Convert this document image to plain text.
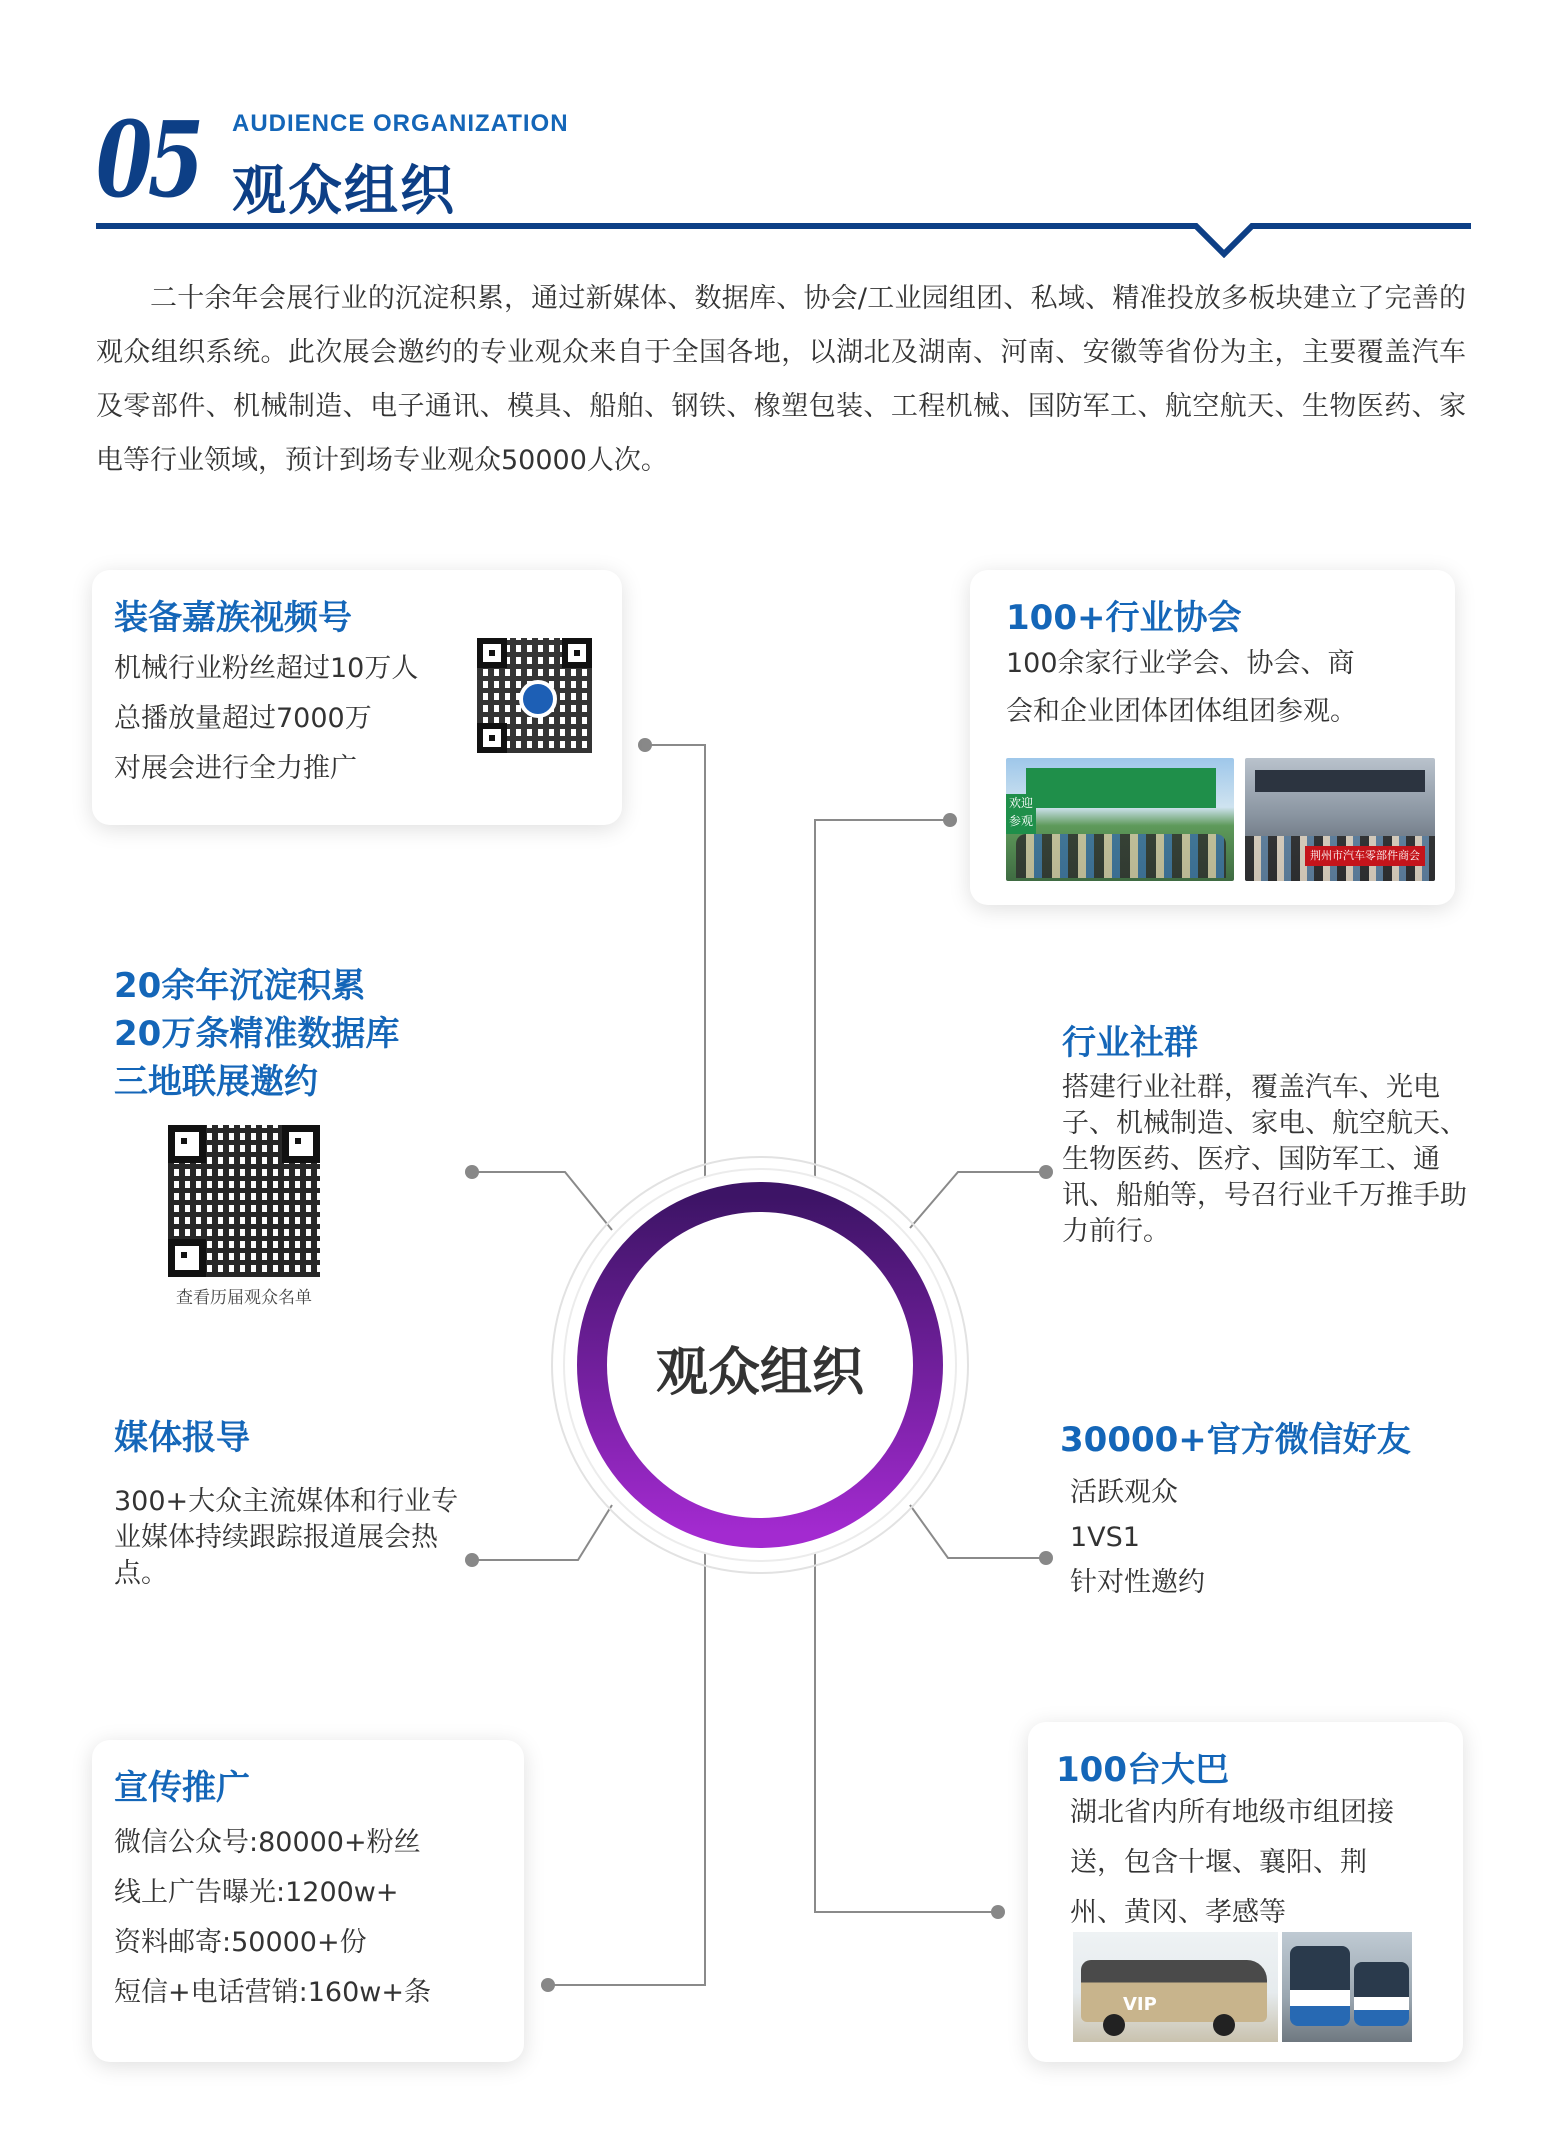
05 AUDIENCE ORGANIZATION
观众组织

二十余年会展行业的沉淀积累，通过新媒体、数据库、协会/工业园组团、私域、精准投放多板块建立了完善的观众组织系统。此次展会邀约的专业观众来自于全国各地，以湖北及湖南、河南、安徽等省份为主，主要覆盖汽车及零部件、机械制造、电子通讯、模具、船舶、钢铁、橡塑包装、工程机械、国防军工、航空航天、生物医药、家电等行业领域，预计到场专业观众50000人次。

观众组织
装备嘉族视频号
机械行业粉丝超过10万人
总播放量超过7000万
对展会进行全力推广
100+行业协会
100余家行业学会、协会、商
会和企业团体团体组团参观。
欢迎参观
荆州市汽车零部件商会
20余年沉淀积累
20万条精准数据库
三地联展邀约
查看历届观众名单
行业社群
搭建行业社群，覆盖汽车、光电子、机械制造、家电、航空航天、生物医药、医疗、国防军工、通讯、船舶等，号召行业千万推手助力前行。
媒体报导
300+大众主流媒体和行业专业媒体持续跟踪报道展会热点。
30000+官方微信好友
活跃观众
1VS1
针对性邀约
宣传推广
微信公众号:80000+粉丝
线上广告曝光:1200w+
资料邮寄:50000+份
短信+电话营销:160w+条
100台大巴
湖北省内所有地级市组团接
送，包含十堰、襄阳、荆
州、黄冈、孝感等
VIP
